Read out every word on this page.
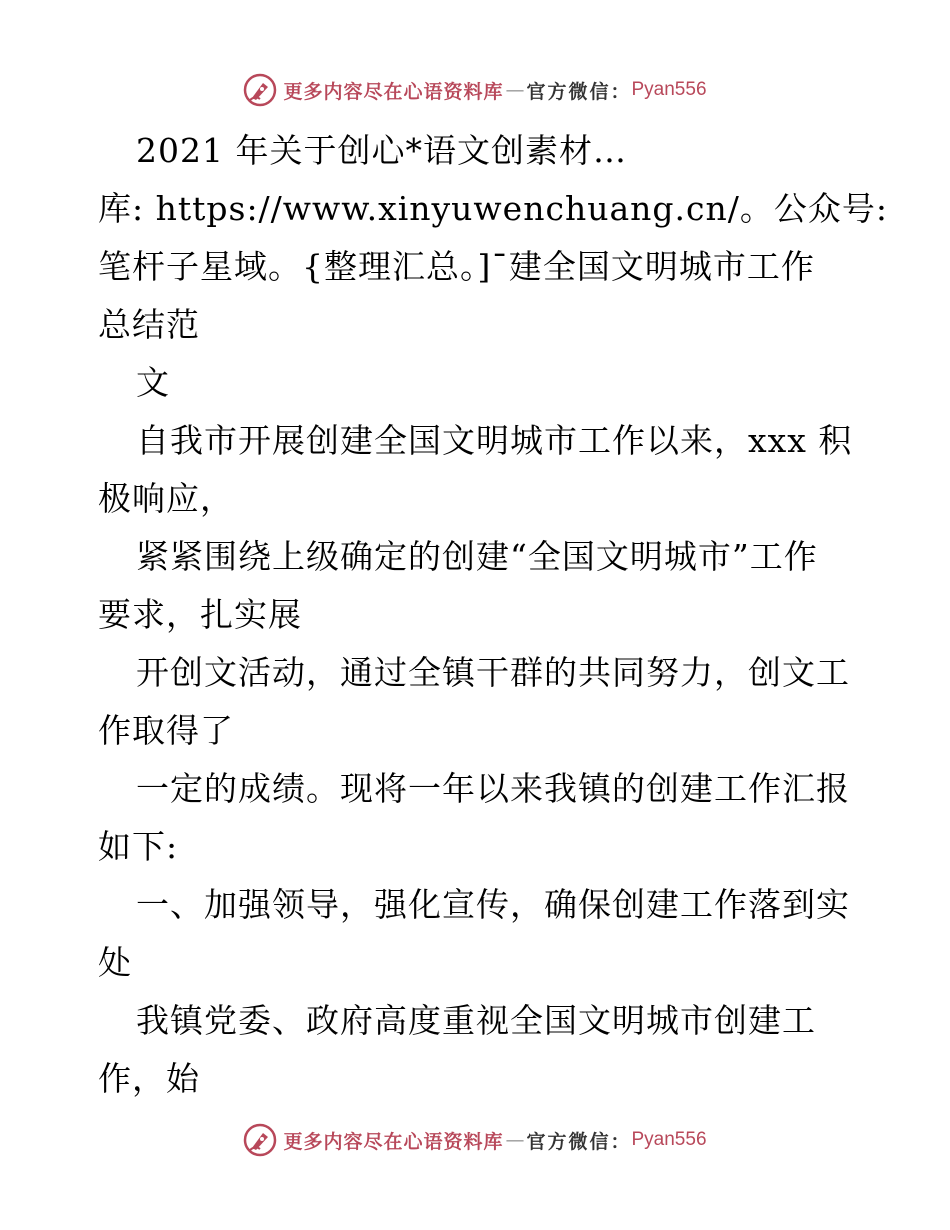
更多内容尽在心语资料库 — 官方微信： Pyan556
2021 年关于创心*语文创素材…
库: https://www.xinyuwenchuang.cn/。公众号:
笔杆子星域。{整理汇总。]¯建全国文明城市工作
总结范
文
自我市开展创建全国文明城市工作以来，xxx 积
极响应，
紧紧围绕上级确定的创建“全国文明城市”工作
要求，扎实展
开创文活动，通过全镇干群的共同努力，创文工
作取得了
一定的成绩。现将一年以来我镇的创建工作汇报
如下:
一、加强领导，强化宣传，确保创建工作落到实
处
我镇党委、政府高度重视全国文明城市创建工
作，始
更多内容尽在心语资料库 — 官方微信： Pyan556
